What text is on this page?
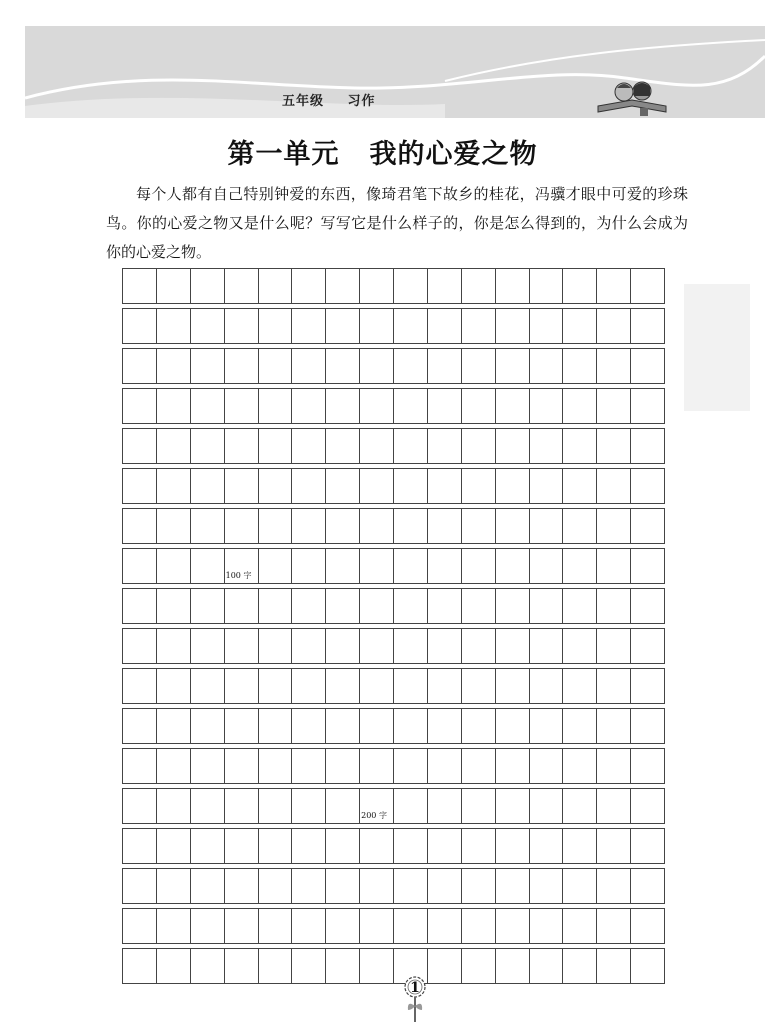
五年级 习作
第一单元 我的心爱之物
每个人都有自己特别钟爱的东西，像琦君笔下故乡的桂花，冯骥才眼中可爱的珍珠鸟。你的心爱之物又是什么呢？写写它是什么样子的，你是怎么得到的，为什么会成为你的心爱之物。
100 字
200 字
1
